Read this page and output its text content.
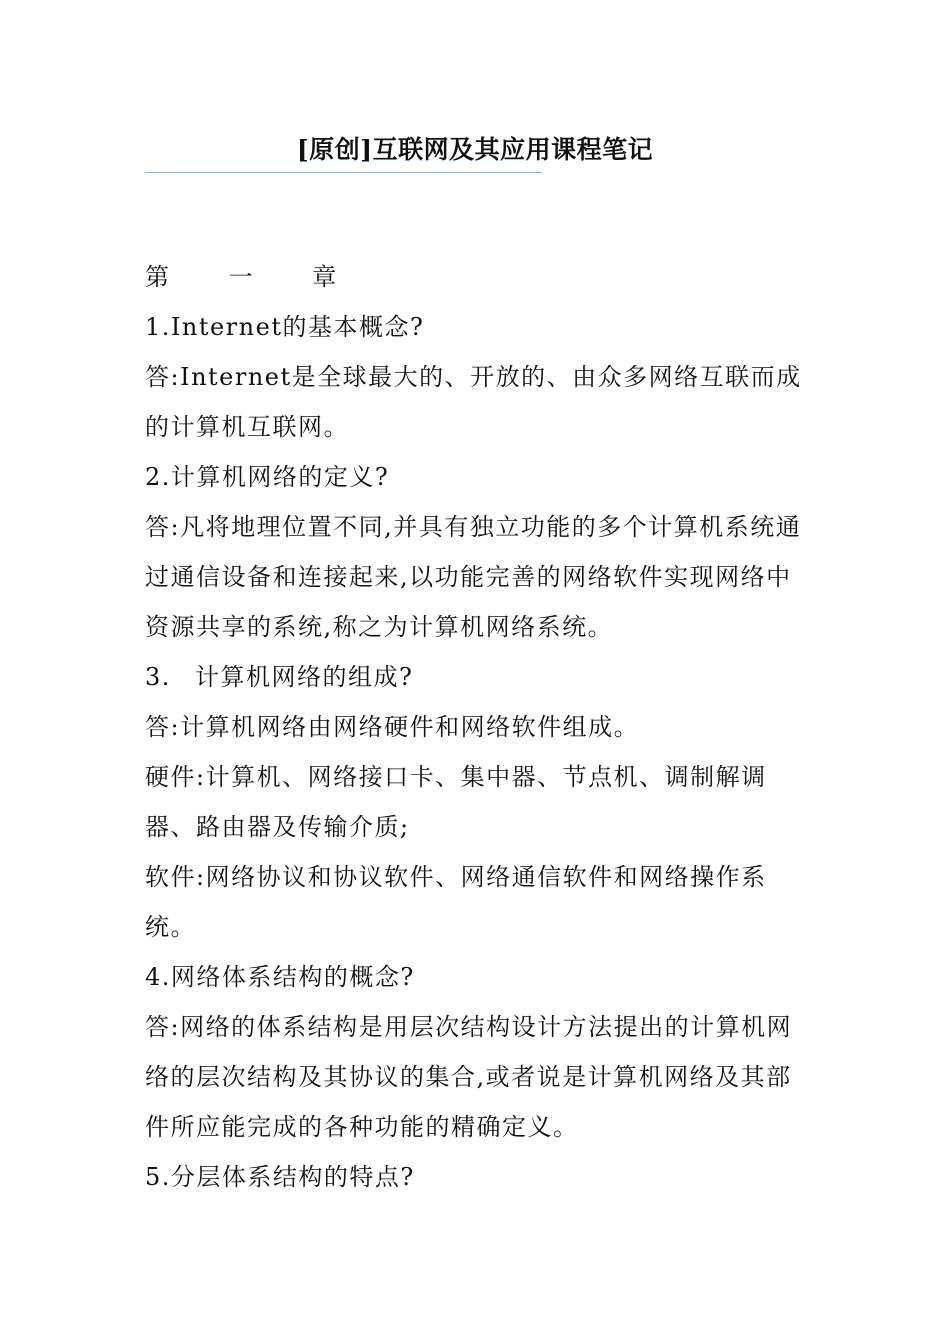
[原创]互联网及其应用课程笔记

第 一 章

1.Internet的基本概念?

答:Internet是全球最大的、开放的、由众多网络互联而成的计算机互联网。

2.计算机网络的定义?

答:凡将地理位置不同,并具有独立功能的多个计算机系统通过通信设备和连接起来,以功能完善的网络软件实现网络中资源共享的系统,称之为计算机网络系统。

3. 计算机网络的组成?

答:计算机网络由网络硬件和网络软件组成。

硬件:计算机、网络接口卡、集中器、节点机、调制解调器、路由器及传输介质;

软件:网络协议和协议软件、网络通信软件和网络操作系统。

4.网络体系结构的概念?

答:网络的体系结构是用层次结构设计方法提出的计算机网络的层次结构及其协议的集合,或者说是计算机网络及其部件所应能完成的各种功能的精确定义。

5.分层体系结构的特点?
